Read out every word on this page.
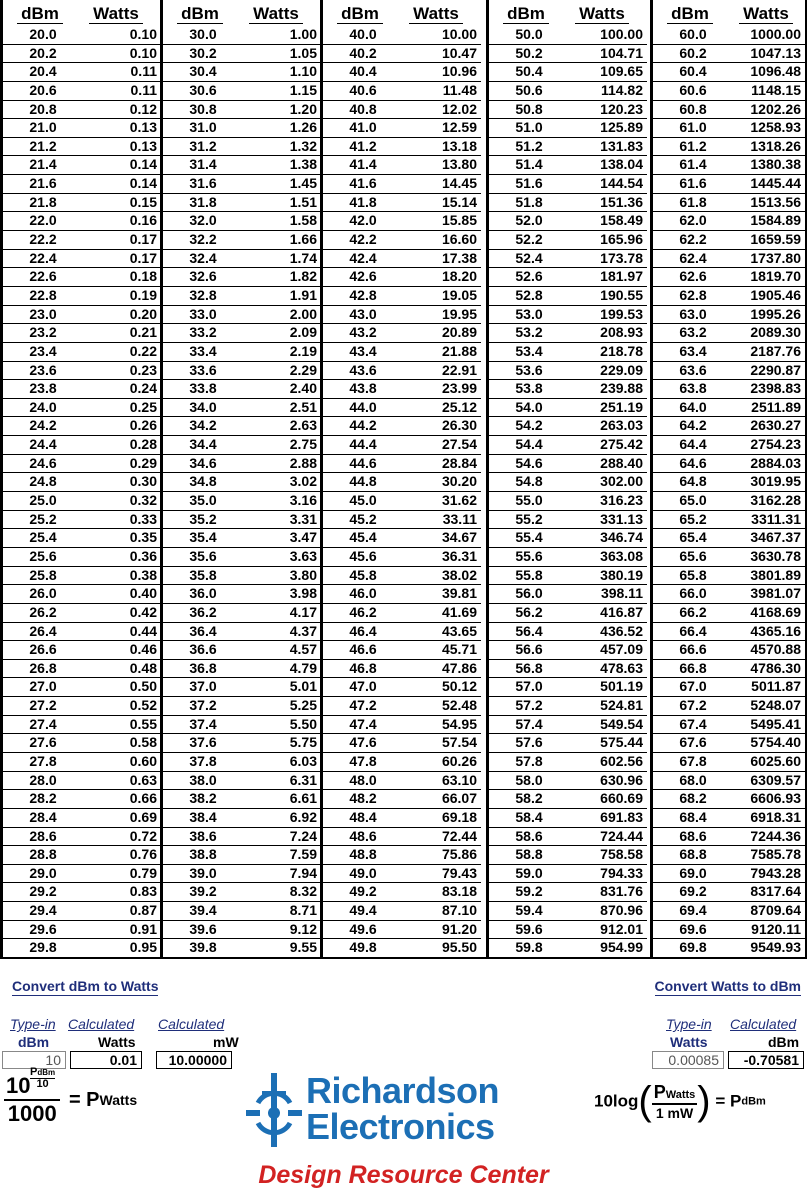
dBm Watts
20.0	0.10
20.2	0.10
20.4	0.11
20.6	0.11
20.8	0.12
21.0	0.13
21.2	0.13
21.4	0.14
21.6	0.14
21.8	0.15
22.0	0.16
22.2	0.17
22.4	0.17
22.6	0.18
22.8	0.19
23.0	0.20
23.2	0.21
23.4	0.22
23.6	0.23
23.8	0.24
24.0	0.25
24.2	0.26
24.4	0.28
24.6	0.29
24.8	0.30
25.0	0.32
25.2	0.33
25.4	0.35
25.6	0.36
25.8	0.38
26.0	0.40
26.2	0.42
26.4	0.44
26.6	0.46
26.8	0.48
27.0	0.50
27.2	0.52
27.4	0.55
27.6	0.58
27.8	0.60
28.0	0.63
28.2	0.66
28.4	0.69
28.6	0.72
28.8	0.76
29.0	0.79
29.2	0.83
29.4	0.87
29.6	0.91
29.8	0.95
dBm Watts
30.0	1.00
30.2	1.05
30.4	1.10
30.6	1.15
30.8	1.20
31.0	1.26
31.2	1.32
31.4	1.38
31.6	1.45
31.8	1.51
32.0	1.58
32.2	1.66
32.4	1.74
32.6	1.82
32.8	1.91
33.0	2.00
33.2	2.09
33.4	2.19
33.6	2.29
33.8	2.40
34.0	2.51
34.2	2.63
34.4	2.75
34.6	2.88
34.8	3.02
35.0	3.16
35.2	3.31
35.4	3.47
35.6	3.63
35.8	3.80
36.0	3.98
36.2	4.17
36.4	4.37
36.6	4.57
36.8	4.79
37.0	5.01
37.2	5.25
37.4	5.50
37.6	5.75
37.8	6.03
38.0	6.31
38.2	6.61
38.4	6.92
38.6	7.24
38.8	7.59
39.0	7.94
39.2	8.32
39.4	8.71
39.6	9.12
39.8	9.55
dBm Watts
40.0	10.00
40.2	10.47
40.4	10.96
40.6	11.48
40.8	12.02
41.0	12.59
41.2	13.18
41.4	13.80
41.6	14.45
41.8	15.14
42.0	15.85
42.2	16.60
42.4	17.38
42.6	18.20
42.8	19.05
43.0	19.95
43.2	20.89
43.4	21.88
43.6	22.91
43.8	23.99
44.0	25.12
44.2	26.30
44.4	27.54
44.6	28.84
44.8	30.20
45.0	31.62
45.2	33.11
45.4	34.67
45.6	36.31
45.8	38.02
46.0	39.81
46.2	41.69
46.4	43.65
46.6	45.71
46.8	47.86
47.0	50.12
47.2	52.48
47.4	54.95
47.6	57.54
47.8	60.26
48.0	63.10
48.2	66.07
48.4	69.18
48.6	72.44
48.8	75.86
49.0	79.43
49.2	83.18
49.4	87.10
49.6	91.20
49.8	95.50
dBm Watts
50.0	100.00
50.2	104.71
50.4	109.65
50.6	114.82
50.8	120.23
51.0	125.89
51.2	131.83
51.4	138.04
51.6	144.54
51.8	151.36
52.0	158.49
52.2	165.96
52.4	173.78
52.6	181.97
52.8	190.55
53.0	199.53
53.2	208.93
53.4	218.78
53.6	229.09
53.8	239.88
54.0	251.19
54.2	263.03
54.4	275.42
54.6	288.40
54.8	302.00
55.0	316.23
55.2	331.13
55.4	346.74
55.6	363.08
55.8	380.19
56.0	398.11
56.2	416.87
56.4	436.52
56.6	457.09
56.8	478.63
57.0	501.19
57.2	524.81
57.4	549.54
57.6	575.44
57.8	602.56
58.0	630.96
58.2	660.69
58.4	691.83
58.6	724.44
58.8	758.58
59.0	794.33
59.2	831.76
59.4	870.96
59.6	912.01
59.8	954.99
dBm Watts
60.0	1000.00
60.2	1047.13
60.4	1096.48
60.6	1148.15
60.8	1202.26
61.0	1258.93
61.2	1318.26
61.4	1380.38
61.6	1445.44
61.8	1513.56
62.0	1584.89
62.2	1659.59
62.4	1737.80
62.6	1819.70
62.8	1905.46
63.0	1995.26
63.2	2089.30
63.4	2187.76
63.6	2290.87
63.8	2398.83
64.0	2511.89
64.2	2630.27
64.4	2754.23
64.6	2884.03
64.8	3019.95
65.0	3162.28
65.2	3311.31
65.4	3467.37
65.6	3630.78
65.8	3801.89
66.0	3981.07
66.2	4168.69
66.4	4365.16
66.6	4570.88
66.8	4786.30
67.0	5011.87
67.2	5248.07
67.4	5495.41
67.6	5754.40
67.8	6025.60
68.0	6309.57
68.2	6606.93
68.4	6918.31
68.6	7244.36
68.8	7585.78
69.0	7943.28
69.2	8317.64
69.4	8709.64
69.6	9120.11
69.8	9549.93
Convert dBm to Watts
Type-in Calculated Calculated
dBm	Watts	mW
10	0.01	10.00000
10
PdBm
10
1000 = PWatts	Richardson
Electronics
Convert Watts to dBm
Type-in Calculated
Watts	dBm
0.00085	-0.70581
$10\log( \frac{\text{PWatts}}{1 mW}$ ) = PdBm
Design Resource Center
